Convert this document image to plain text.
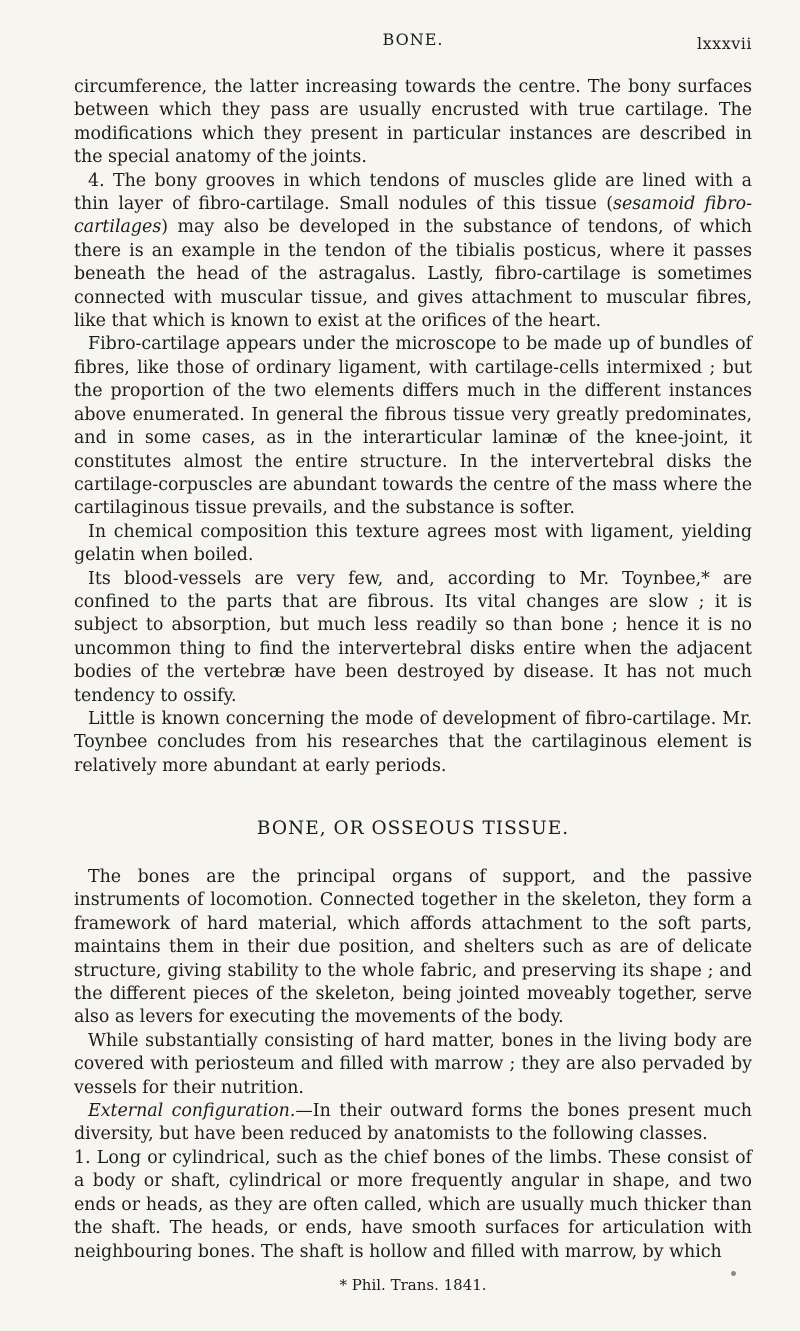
BONE.	lxxxvii

circumference, the latter increasing towards the centre. The bony surfaces between which they pass are usually encrusted with true cartilage. The modifications which they present in particular instances are described in the special anatomy of the joints.

4. The bony grooves in which tendons of muscles glide are lined with a thin layer of fibro-cartilage. Small nodules of this tissue (sesamoid fibro-cartilages) may also be developed in the substance of tendons, of which there is an example in the tendon of the tibialis posticus, where it passes beneath the head of the astragalus. Lastly, fibro-cartilage is sometimes connected with muscular tissue, and gives attachment to muscular fibres, like that which is known to exist at the orifices of the heart.

Fibro-cartilage appears under the microscope to be made up of bundles of fibres, like those of ordinary ligament, with cartilage-cells intermixed ; but the proportion of the two elements differs much in the different instances above enumerated. In general the fibrous tissue very greatly predominates, and in some cases, as in the interarticular laminæ of the knee-joint, it constitutes almost the entire structure. In the intervertebral disks the cartilage-corpuscles are abundant towards the centre of the mass where the cartilaginous tissue prevails, and the substance is softer.

In chemical composition this texture agrees most with ligament, yielding gelatin when boiled.

Its blood-vessels are very few, and, according to Mr. Toynbee,* are confined to the parts that are fibrous. Its vital changes are slow ; it is subject to absorption, but much less readily so than bone ; hence it is no uncommon thing to find the intervertebral disks entire when the adjacent bodies of the vertebræ have been destroyed by disease. It has not much tendency to ossify.

Little is known concerning the mode of development of fibro-cartilage. Mr. Toynbee concludes from his researches that the cartilaginous element is relatively more abundant at early periods.

BONE, OR OSSEOUS TISSUE.

The bones are the principal organs of support, and the passive instruments of locomotion. Connected together in the skeleton, they form a framework of hard material, which affords attachment to the soft parts, maintains them in their due position, and shelters such as are of delicate structure, giving stability to the whole fabric, and preserving its shape ; and the different pieces of the skeleton, being jointed moveably together, serve also as levers for executing the movements of the body.

While substantially consisting of hard matter, bones in the living body are covered with periosteum and filled with marrow ; they are also pervaded by vessels for their nutrition.

External configuration.—In their outward forms the bones present much diversity, but have been reduced by anatomists to the following classes.

1. Long or cylindrical, such as the chief bones of the limbs. These consist of a body or shaft, cylindrical or more frequently angular in shape, and two ends or heads, as they are often called, which are usually much thicker than the shaft. The heads, or ends, have smooth surfaces for articulation with neighbouring bones. The shaft is hollow and filled with marrow, by which

* Phil. Trans. 1841.
